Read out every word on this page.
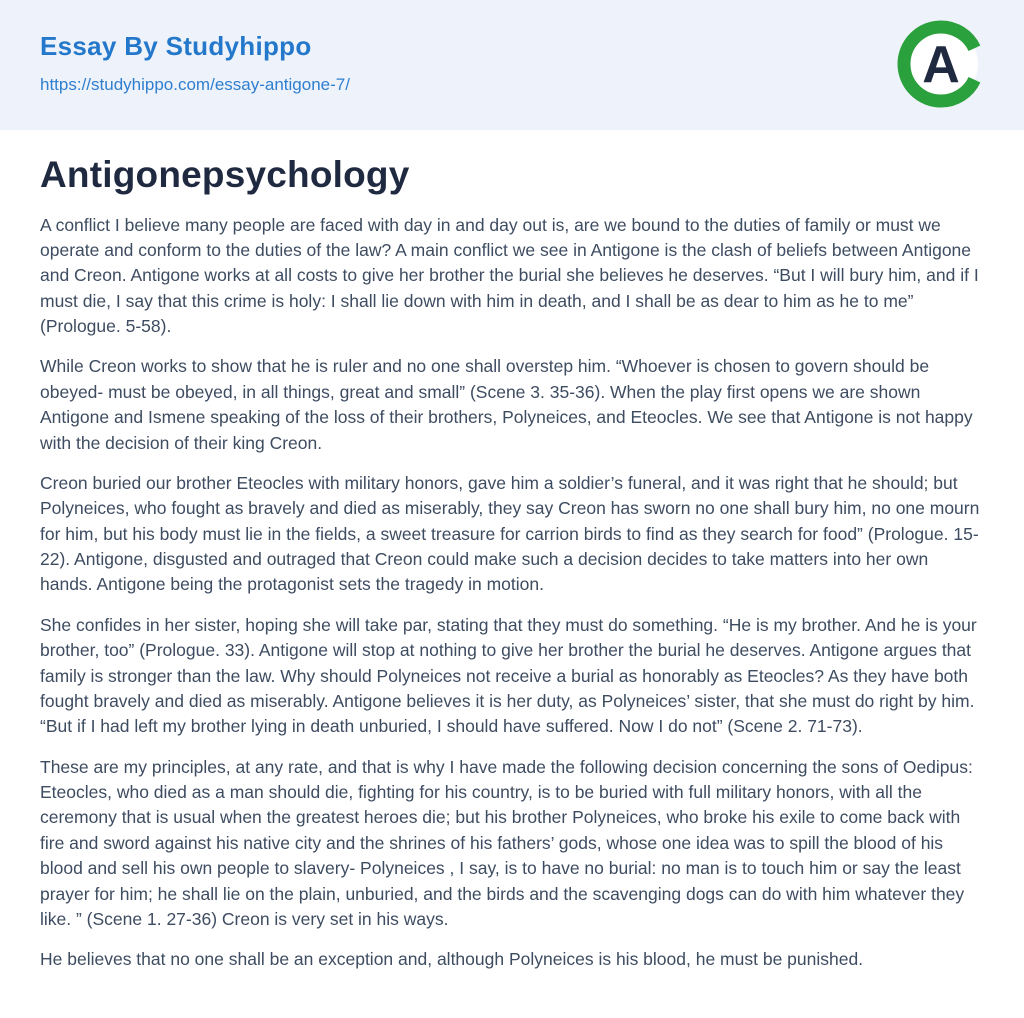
Essay By Studyhippo
https://studyhippo.com/essay-antigone-7/	A
Antigonepsychology

A conflict I believe many people are faced with day in and day out is, are we bound to the duties of family or must we operate and conform to the duties of the law? A main conflict we see in Antigone is the clash of beliefs between Antigone and Creon. Antigone works at all costs to give her brother the burial she believes he deserves. “But I will bury him, and if I must die, I say that this crime is holy: I shall lie down with him in death, and I shall be as dear to him as he to me” (Prologue. 5-58).

While Creon works to show that he is ruler and no one shall overstep him. “Whoever is chosen to govern should be obeyed- must be obeyed, in all things, great and small” (Scene 3. 35-36). When the play first opens we are shown Antigone and Ismene speaking of the loss of their brothers, Polyneices, and Eteocles. We see that Antigone is not happy with the decision of their king Creon.

Creon buried our brother Eteocles with military honors, gave him a soldier’s funeral, and it was right that he should; but Polyneices, who fought as bravely and died as miserably, they say Creon has sworn no one shall bury him, no one mourn for him, but his body must lie in the fields, a sweet treasure for carrion birds to find as they search for food” (Prologue. 15-22). Antigone, disgusted and outraged that Creon could make such a decision decides to take matters into her own hands. Antigone being the protagonist sets the tragedy in motion.

She confides in her sister, hoping she will take par, stating that they must do something. “He is my brother. And he is your brother, too” (Prologue. 33). Antigone will stop at nothing to give her brother the burial he deserves. Antigone argues that family is stronger than the law. Why should Polyneices not receive a burial as honorably as Eteocles? As they have both fought bravely and died as miserably. Antigone believes it is her duty, as Polyneices’ sister, that she must do right by him. “But if I had left my brother lying in death unburied, I should have suffered. Now I do not” (Scene 2. 71-73).

These are my principles, at any rate, and that is why I have made the following decision concerning the sons of Oedipus: Eteocles, who died as a man should die, fighting for his country, is to be buried with full military honors, with all the ceremony that is usual when the greatest heroes die; but his brother Polyneices, who broke his exile to come back with fire and sword against his native city and the shrines of his fathers’ gods, whose one idea was to spill the blood of his blood and sell his own people to slavery- Polyneices , I say, is to have no burial: no man is to touch him or say the least prayer for him; he shall lie on the plain, unburied, and the birds and the scavenging dogs can do with him whatever they like. ” (Scene 1. 27-36) Creon is very set in his ways.

He believes that no one shall be an exception and, although Polyneices is his blood, he must be punished.
